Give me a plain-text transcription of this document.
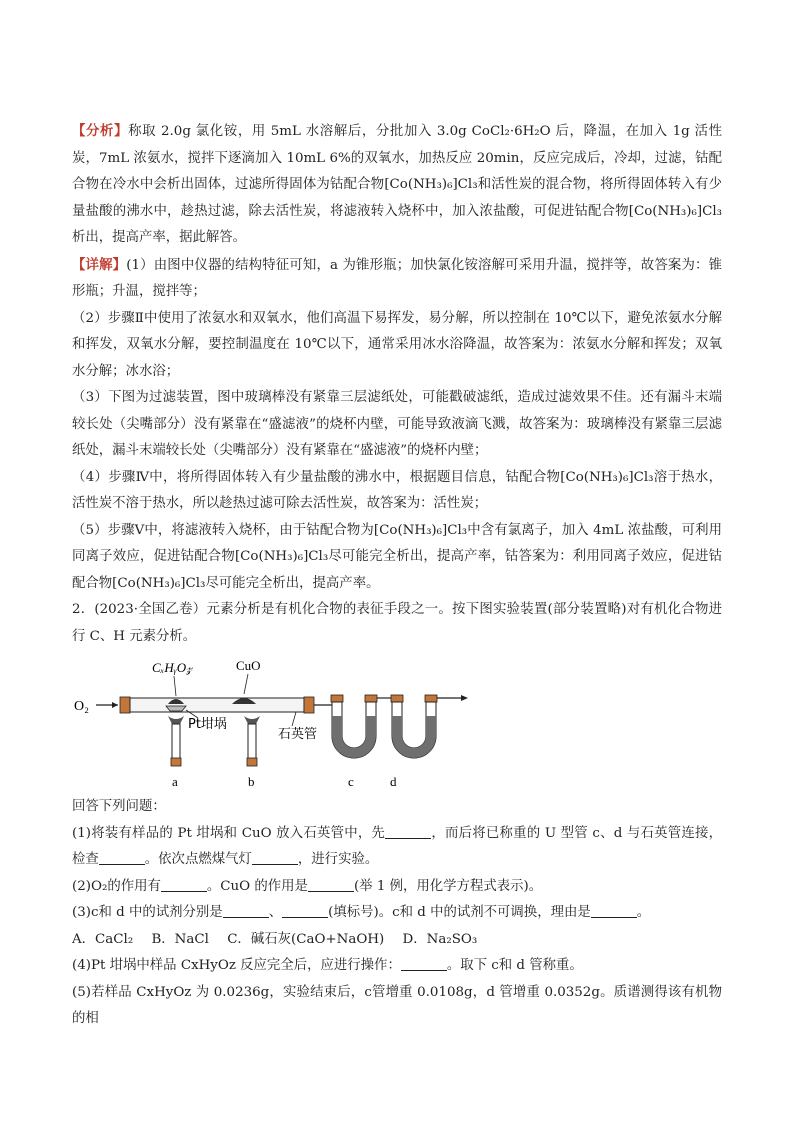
【分析】称取 2.0g 氯化铵，用 5mL 水溶解后，分批加入 3.0g CoCl₂·6H₂O 后，降温，在加入 1g 活性炭，7mL 浓氨水，搅拌下逐滴加入 10mL 6%的双氧水，加热反应 20min，反应完成后，冷却，过滤，钴配合物在冷水中会析出固体，过滤所得固体为钴配合物[Co(NH₃)₆]Cl₃和活性炭的混合物，将所得固体转入有少量盐酸的沸水中，趁热过滤，除去活性炭，将滤液转入烧杯中，加入浓盐酸，可促进钴配合物[Co(NH₃)₆]Cl₃析出，提高产率，据此解答。

【详解】(1）由图中仪器的结构特征可知，a 为锥形瓶；加快氯化铵溶解可采用升温，搅拌等，故答案为：锥形瓶；升温，搅拌等；

（2）步骤Ⅱ中使用了浓氨水和双氧水，他们高温下易挥发，易分解，所以控制在 10℃以下，避免浓氨水分解和挥发，双氧水分解，要控制温度在 10℃以下，通常采用冰水浴降温，故答案为：浓氨水分解和挥发；双氧水分解；冰水浴；

（3）下图为过滤装置，图中玻璃棒没有紧靠三层滤纸处，可能戳破滤纸，造成过滤效果不佳。还有漏斗末端较长处（尖嘴部分）没有紧靠在“盛滤液”的烧杯内壁，可能导致液滴飞溅，故答案为：玻璃棒没有紧靠三层滤纸处，漏斗末端较长处（尖嘴部分）没有紧靠在“盛滤液”的烧杯内壁；

（4）步骤Ⅳ中，将所得固体转入有少量盐酸的沸水中，根据题目信息，钴配合物[Co(NH₃)₆]Cl₃溶于热水，活性炭不溶于热水，所以趁热过滤可除去活性炭，故答案为：活性炭；

（5）步骤Ⅴ中，将滤液转入烧杯，由于钴配合物为[Co(NH₃)₆]Cl₃中含有氯离子，加入 4mL 浓盐酸，可利用同离子效应，促进钴配合物[Co(NH₃)₆]Cl₃尽可能完全析出，提高产率，钴答案为：利用同离子效应，促进钴配合物[Co(NH₃)₆]Cl₃尽可能完全析出，提高产率。

2．(2023·全国乙卷）元素分析是有机化合物的表征手段之一。按下图实验装置(部分装置略)对有机化合物进行 C、H 元素分析。

O₂
CₓHᵧO𝓏	CuO
Pt坩埚
石英管
a	b	c	d

回答下列问题：

(1)将装有样品的 Pt 坩埚和 CuO 放入石英管中，先	，而后将已称重的 U 型管 c、d 与石英管连接，检查	。依次点燃煤气灯	，进行实验。

(2)O₂的作用有	。CuO 的作用是	(举 1 例，用化学方程式表示)。

(3)c和 d 中的试剂分别是	、	(填标号)。c和 d 中的试剂不可调换，理由是	。

A．CaCl₂ B．NaCl C．碱石灰(CaO+NaOH) D．Na₂SO₃

(4)Pt 坩埚中样品 CxHyOz 反应完全后，应进行操作：	。取下 c和 d 管称重。

(5)若样品 CxHyOz 为 0.0236g，实验结束后，c管增重 0.0108g，d 管增重 0.0352g。质谱测得该有机物的相
